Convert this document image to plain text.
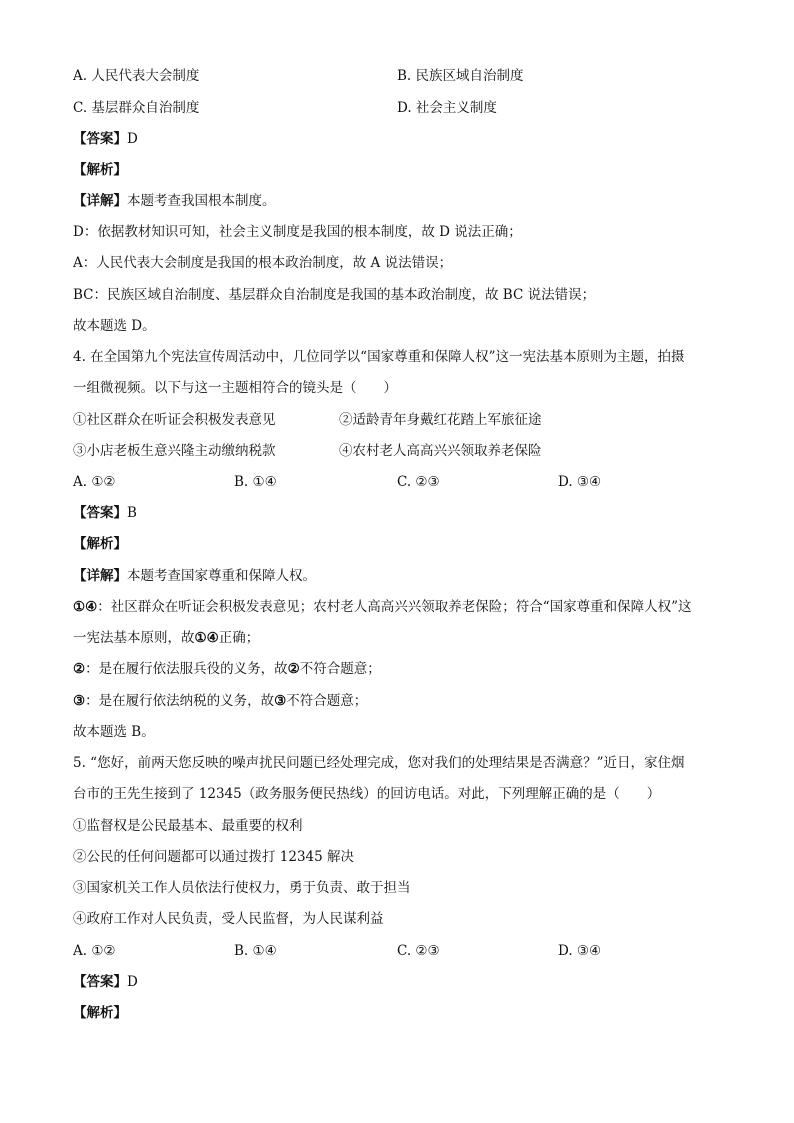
A. 人民代表大会制度	B. 民族区域自治制度
C. 基层群众自治制度	D. 社会主义制度
【答案】D
【解析】
【详解】本题考查我国根本制度。
D：依据教材知识可知，社会主义制度是我国的根本制度，故 D 说法正确；
A：人民代表大会制度是我国的根本政治制度，故 A 说法错误；
BC：民族区域自治制度、基层群众自治制度是我国的基本政治制度，故 BC 说法错误；
故本题选 D。
4. 在全国第九个宪法宣传周活动中，几位同学以“国家尊重和保障人权”这一宪法基本原则为主题，拍摄
一组微视频。以下与这一主题相符合的镜头是（　　）
①社区群众在听证会积极发表意见	②适龄青年身戴红花踏上军旅征途
③小店老板生意兴隆主动缴纳税款	④农村老人高高兴兴领取养老保险
A. ①②	B. ①④	C. ②③	D. ③④
【答案】B
【解析】
【详解】本题考查国家尊重和保障人权。
①④：社区群众在听证会积极发表意见；农村老人高高兴兴领取养老保险；符合“国家尊重和保障人权”这
一宪法基本原则，故①④正确；
②：是在履行依法服兵役的义务，故②不符合题意；
③：是在履行依法纳税的义务，故③不符合题意；
故本题选 B。
5. “您好，前两天您反映的噪声扰民问题已经处理完成，您对我们的处理结果是否满意？”近日，家住烟
台市的王先生接到了 12345（政务服务便民热线）的回访电话。对此，下列理解正确的是（　　）
①监督权是公民最基本、最重要的权利
②公民的任何问题都可以通过拨打 12345 解决
③国家机关工作人员依法行使权力，勇于负责、敢于担当
④政府工作对人民负责，受人民监督，为人民谋利益
A. ①②	B. ①④	C. ②③	D. ③④
【答案】D
【解析】
